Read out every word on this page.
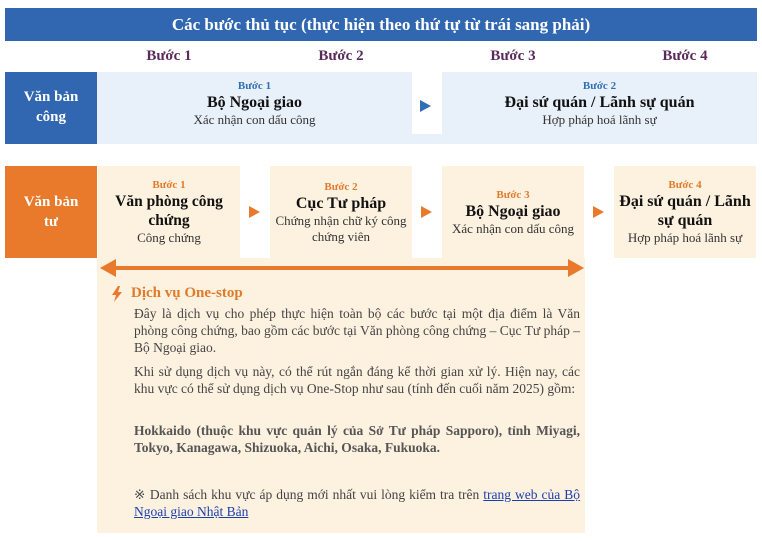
Các bước thủ tục (thực hiện theo thứ tự từ trái sang phải)
Bước 1	Bước 2	Bước 3	Bước 4
Văn bản công
Bước 1
Bộ Ngoại giao
Xác nhận con dấu công
Bước 2
Đại sứ quán / Lãnh sự quán
Hợp pháp hoá lãnh sự
Văn bản tư
Bước 1
Văn phòng công chứng
Công chứng
Bước 2
Cục Tư pháp
Chứng nhận chữ ký công chứng viên
Bước 3
Bộ Ngoại giao
Xác nhận con dấu công
Bước 4
Đại sứ quán / Lãnh sự quán
Hợp pháp hoá lãnh sự
Dịch vụ One-stop
Đây là dịch vụ cho phép thực hiện toàn bộ các bước tại một địa điểm là Văn phòng công chứng, bao gồm các bước tại Văn phòng công chứng – Cục Tư pháp – Bộ Ngoại giao.
Khi sử dụng dịch vụ này, có thể rút ngắn đáng kể thời gian xử lý. Hiện nay, các khu vực có thể sử dụng dịch vụ One-Stop như sau (tính đến cuối năm 2025) gồm:
Hokkaido (thuộc khu vực quản lý của Sở Tư pháp Sapporo), tỉnh Miyagi, Tokyo, Kanagawa, Shizuoka, Aichi, Osaka, Fukuoka.
※ Danh sách khu vực áp dụng mới nhất vui lòng kiểm tra trên trang web của Bộ Ngoại giao Nhật Bản
